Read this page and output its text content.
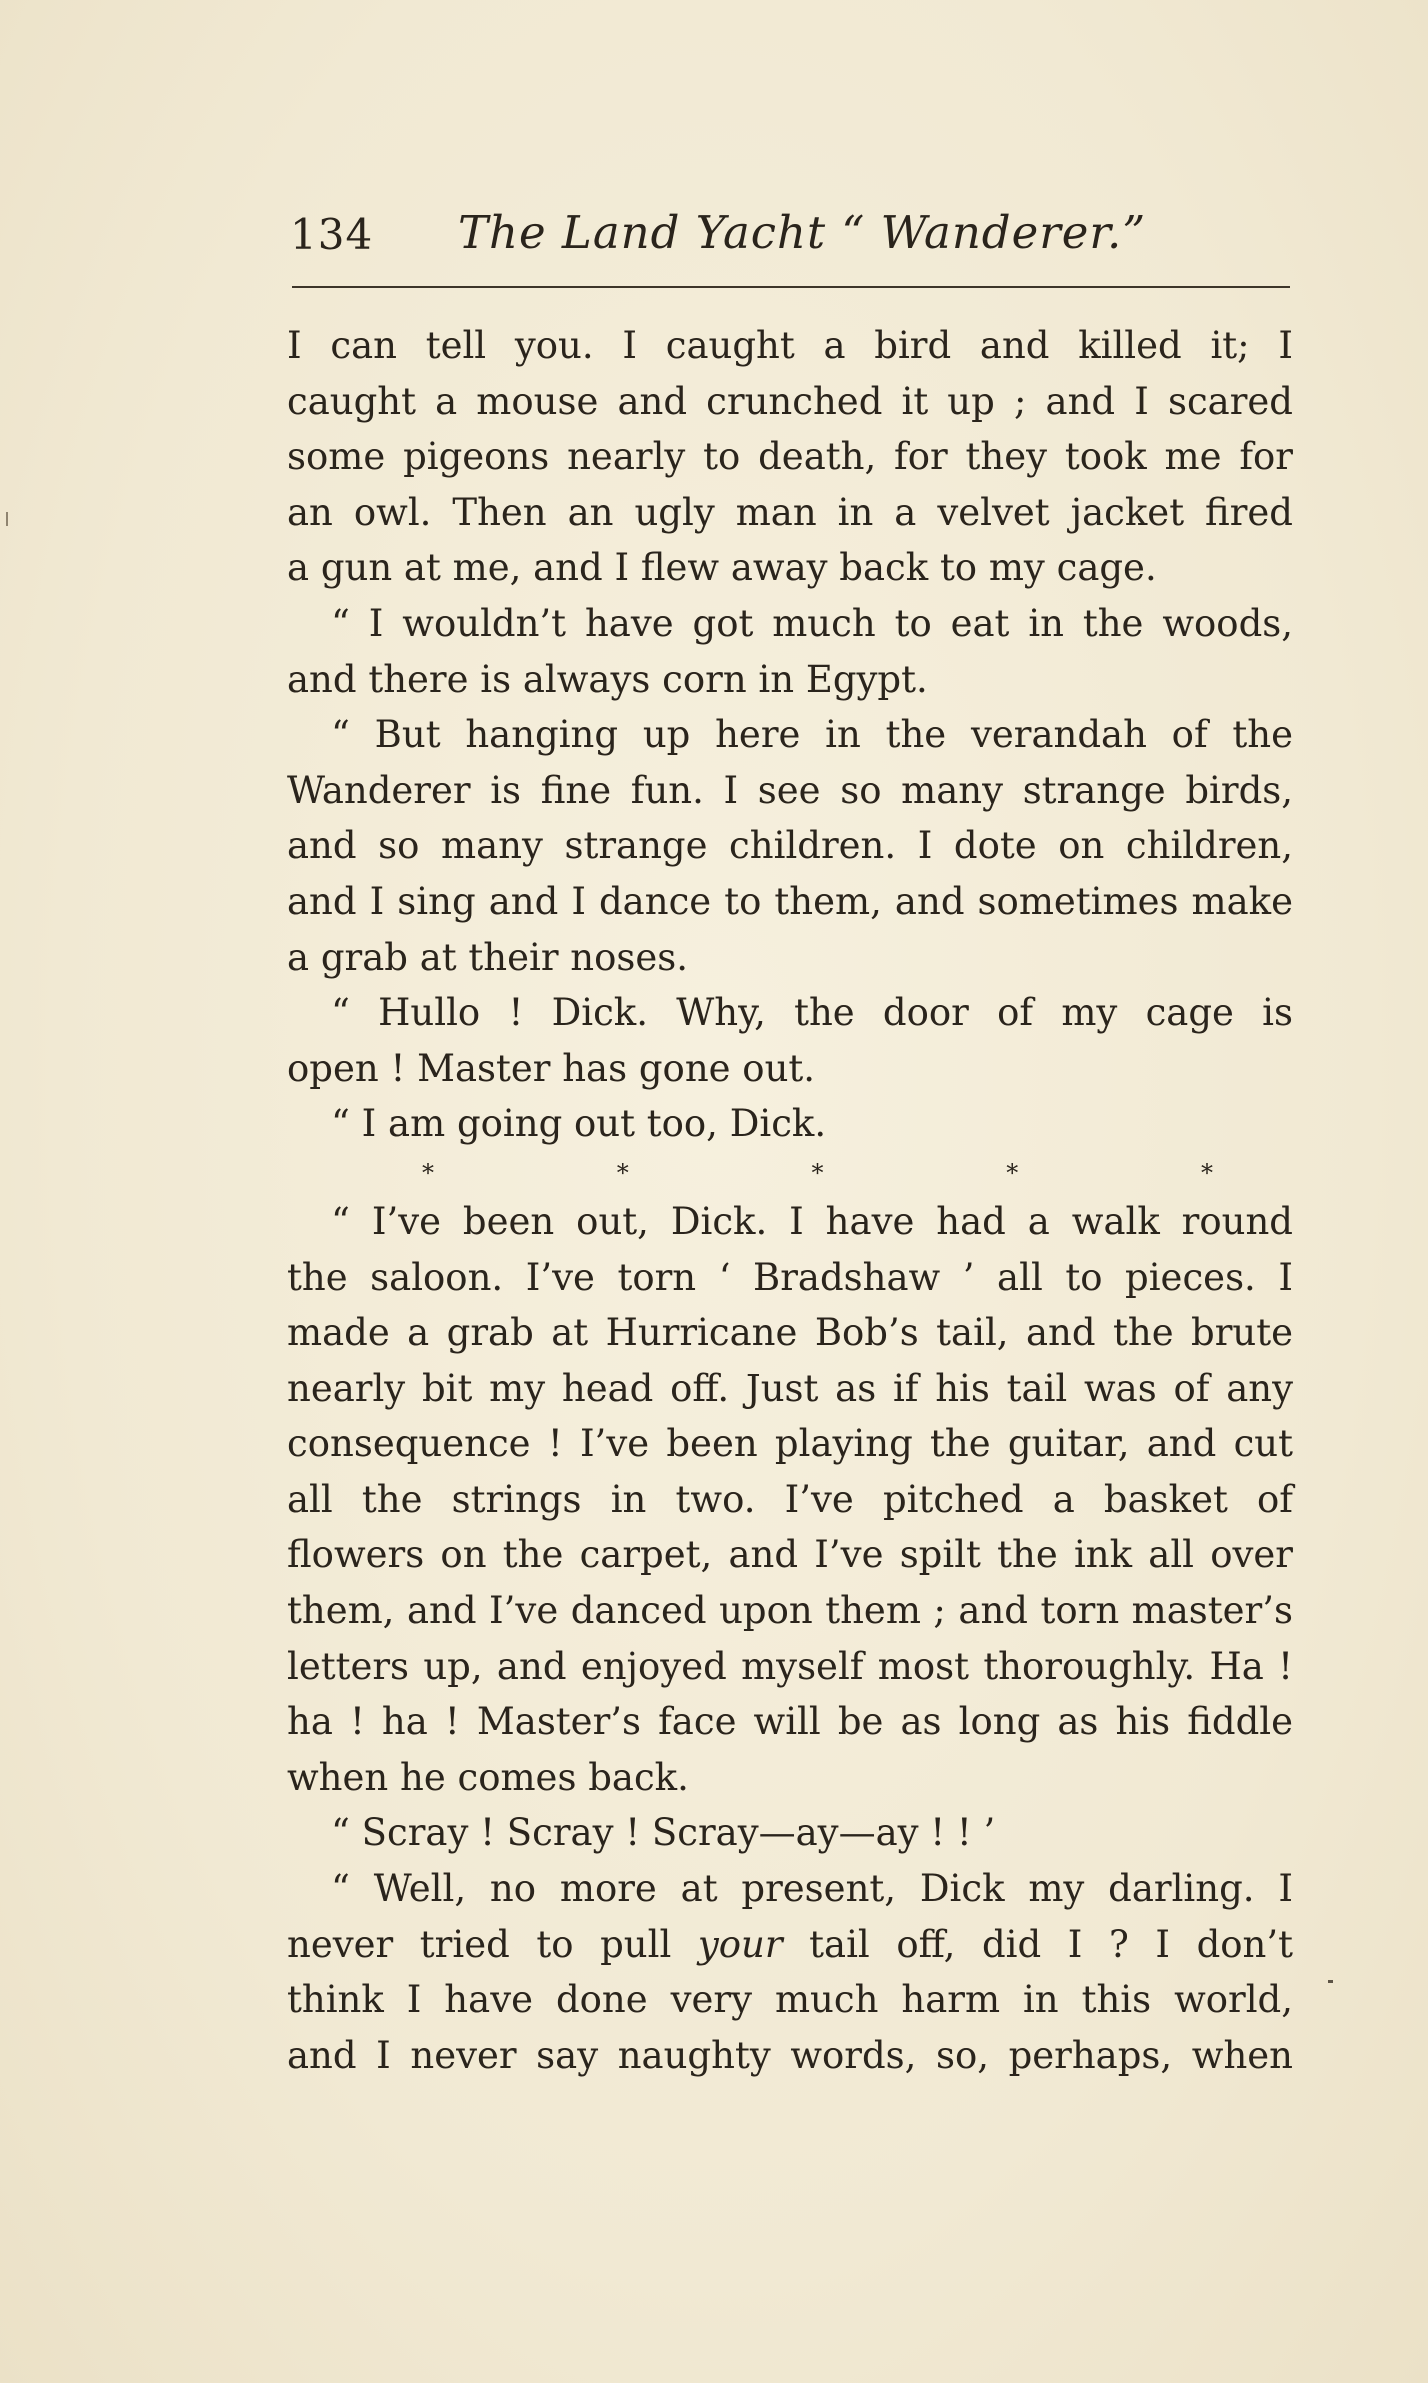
134 The Land Yacht “ Wanderer.”
I can tell you. I caught a bird and killed it; I
caught a mouse and crunched it up ; and I scared
some pigeons nearly to death, for they took me for
an owl. Then an ugly man in a velvet jacket fired
a gun at me, and I flew away back to my cage.
“ I wouldn’t have got much to eat in the woods,
and there is always corn in Egypt.
“ But hanging up here in the verandah of the
Wanderer is fine fun. I see so many strange birds,
and so many strange children. I dote on children,
and I sing and I dance to them, and sometimes make
a grab at their noses.
“ Hullo ! Dick. Why, the door of my cage is
open ! Master has gone out.
“ I am going out too, Dick.
*	*	*	*	*
“ I’ve been out, Dick. I have had a walk round
the saloon. I’ve torn ‘ Bradshaw ’ all to pieces. I
made a grab at Hurricane Bob’s tail, and the brute
nearly bit my head off. Just as if his tail was of any
consequence ! I’ve been playing the guitar, and cut
all the strings in two. I’ve pitched a basket of
flowers on the carpet, and I’ve spilt the ink all over
them, and I’ve danced upon them ; and torn master’s
letters up, and enjoyed myself most thoroughly. Ha !
ha ! ha ! Master’s face will be as long as his fiddle
when he comes back.
“ Scray ! Scray ! Scray—ay—ay ! ! ’
“ Well, no more at present, Dick my darling. I
never tried to pull your tail off, did I ? I don’t
think I have done very much harm in this world,
and I never say naughty words, so, perhaps, when
